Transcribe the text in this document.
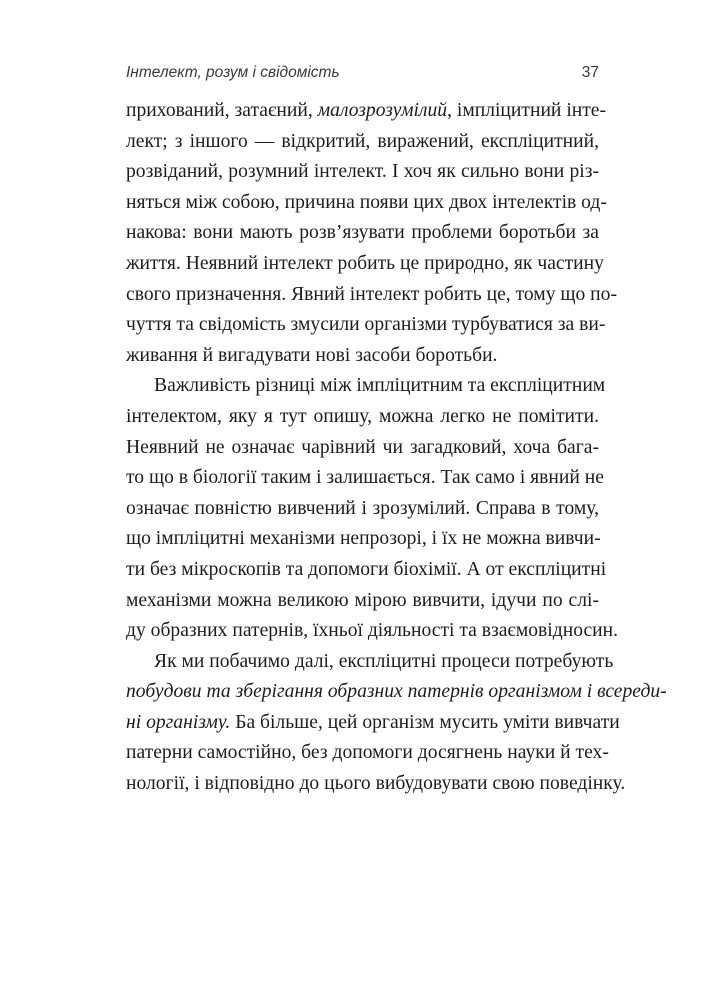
Інтелект, розум і свідомість	37
прихований, затаєний, малозрозумілий, імпліцитний інте-
лект; з іншого — відкритий, виражений, експліцитний,
розвіданий, розумний інтелект. І хоч як сильно вони різ-
няться між собою, причина появи цих двох інтелектів од-
накова: вони мають розв’язувати проблеми боротьби за
життя. Неявний інтелект робить це природно, як частину
свого призначення. Явний інтелект робить це, тому що по-
чуття та свідомість змусили організми турбуватися за ви-
живання й вигадувати нові засоби боротьби.
Важливість різниці між імпліцитним та експліцитним
інтелектом, яку я тут опишу, можна легко не помітити.
Неявний не означає чарівний чи загадковий, хоча бага-
то що в біології таким і залишається. Так само і явний не
означає повністю вивчений і зрозумілий. Справа в тому,
що імпліцитні механізми непрозорі, і їх не можна вивчи-
ти без мікроскопів та допомоги біохімії. А от експліцитні
механізми можна великою мірою вивчити, ідучи по слі-
ду образних патернів, їхньої діяльності та взаємовідносин.
Як ми побачимо далі, експліцитні процеси потребують
побудови та зберігання образних патернів організмом і всереди-
ні організму. Ба більше, цей організм мусить уміти вивчати
патерни самостійно, без допомоги досягнень науки й тех-
нології, і відповідно до цього вибудовувати свою поведінку.
